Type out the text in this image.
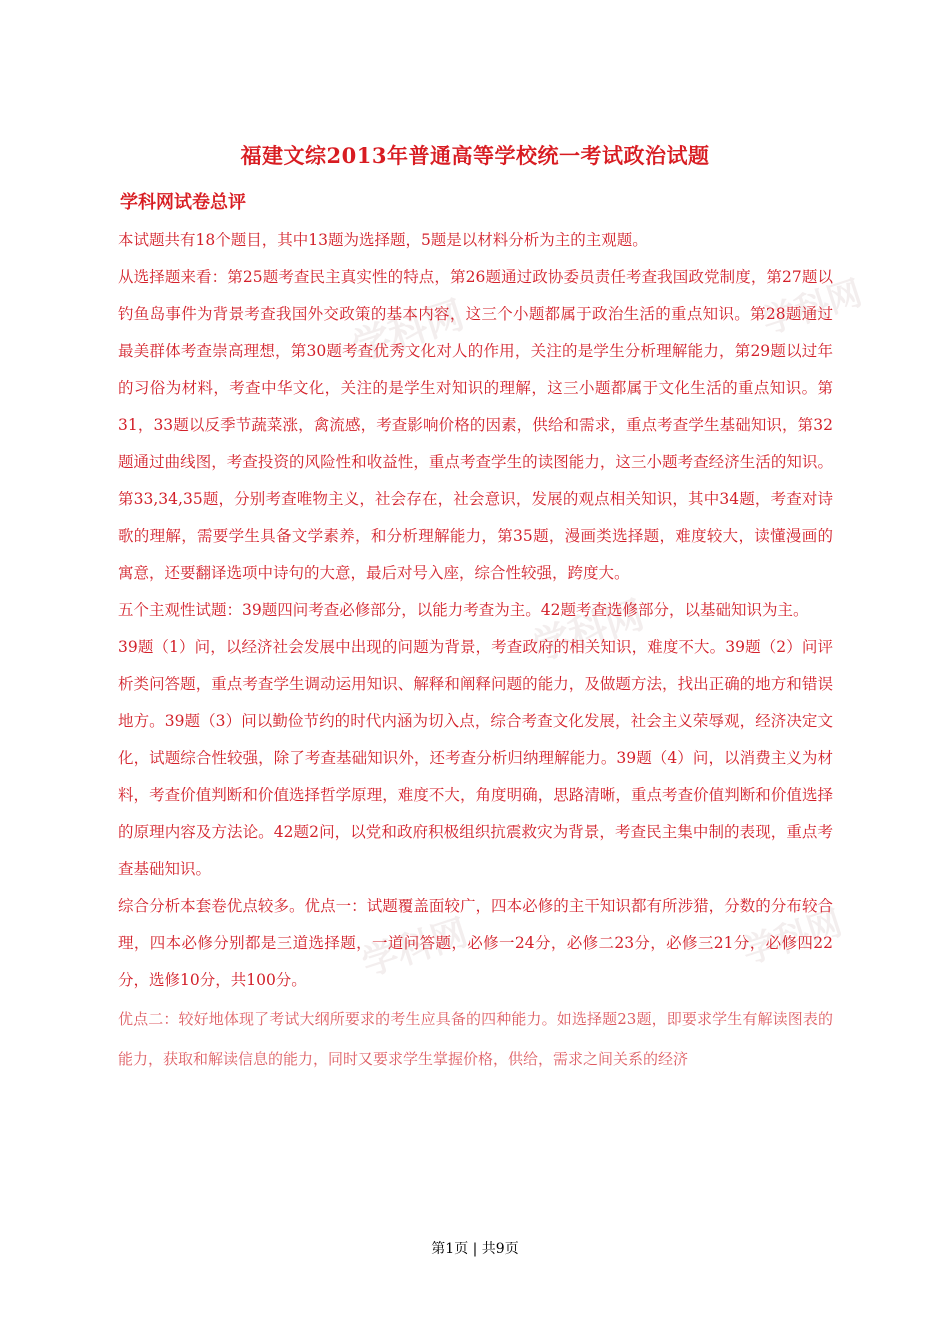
学科网	学科网
学科网
学科网	学科网
福建文综2013年普通高等学校统一考试政治试题
学科网试卷总评

本试题共有18个题目，其中13题为选择题，5题是以材料分析为主的主观题。

从选择题来看：第25题考查民主真实性的特点，第26题通过政协委员责任考查我国政党制度，第27题以钓鱼岛事件为背景考查我国外交政策的基本内容，这三个小题都属于政治生活的重点知识。第28题通过最美群体考查崇高理想，第30题考查优秀文化对人的作用，关注的是学生分析理解能力，第29题以过年的习俗为材料，考查中华文化，关注的是学生对知识的理解，这三小题都属于文化生活的重点知识。第31，33题以反季节蔬菜涨，禽流感，考查影响价格的因素，供给和需求，重点考查学生基础知识，第32题通过曲线图，考查投资的风险性和收益性，重点考查学生的读图能力，这三小题考查经济生活的知识。第33,34,35题，分别考查唯物主义，社会存在，社会意识，发展的观点相关知识，其中34题，考查对诗歌的理解，需要学生具备文学素养，和分析理解能力，第35题，漫画类选择题，难度较大，读懂漫画的寓意，还要翻译选项中诗句的大意，最后对号入座，综合性较强，跨度大。

五个主观性试题：39题四问考查必修部分，以能力考查为主。42题考查选修部分，以基础知识为主。

39题（1）问，以经济社会发展中出现的问题为背景，考查政府的相关知识，难度不大。39题（2）问评析类问答题，重点考查学生调动运用知识、解释和阐释问题的能力，及做题方法，找出正确的地方和错误地方。39题（3）问以勤俭节约的时代内涵为切入点，综合考查文化发展，社会主义荣辱观，经济决定文化，试题综合性较强，除了考查基础知识外，还考查分析归纳理解能力。39题（4）问，以消费主义为材料，考查价值判断和价值选择哲学原理，难度不大，角度明确，思路清晰，重点考查价值判断和价值选择的原理内容及方法论。42题2问，以党和政府积极组织抗震救灾为背景，考查民主集中制的表现，重点考查基础知识。

综合分析本套卷优点较多。优点一：试题覆盖面较广，四本必修的主干知识都有所涉猎，分数的分布较合理，四本必修分别都是三道选择题，一道问答题，必修一24分，必修二23分，必修三21分，必修四22分，选修10分，共100分。

优点二：较好地体现了考试大纲所要求的考生应具备的四种能力。如选择题23题，即要求学生有解读图表的能力，获取和解读信息的能力，同时又要求学生掌握价格，供给，需求之间关系的经济

第1页 | 共9页
